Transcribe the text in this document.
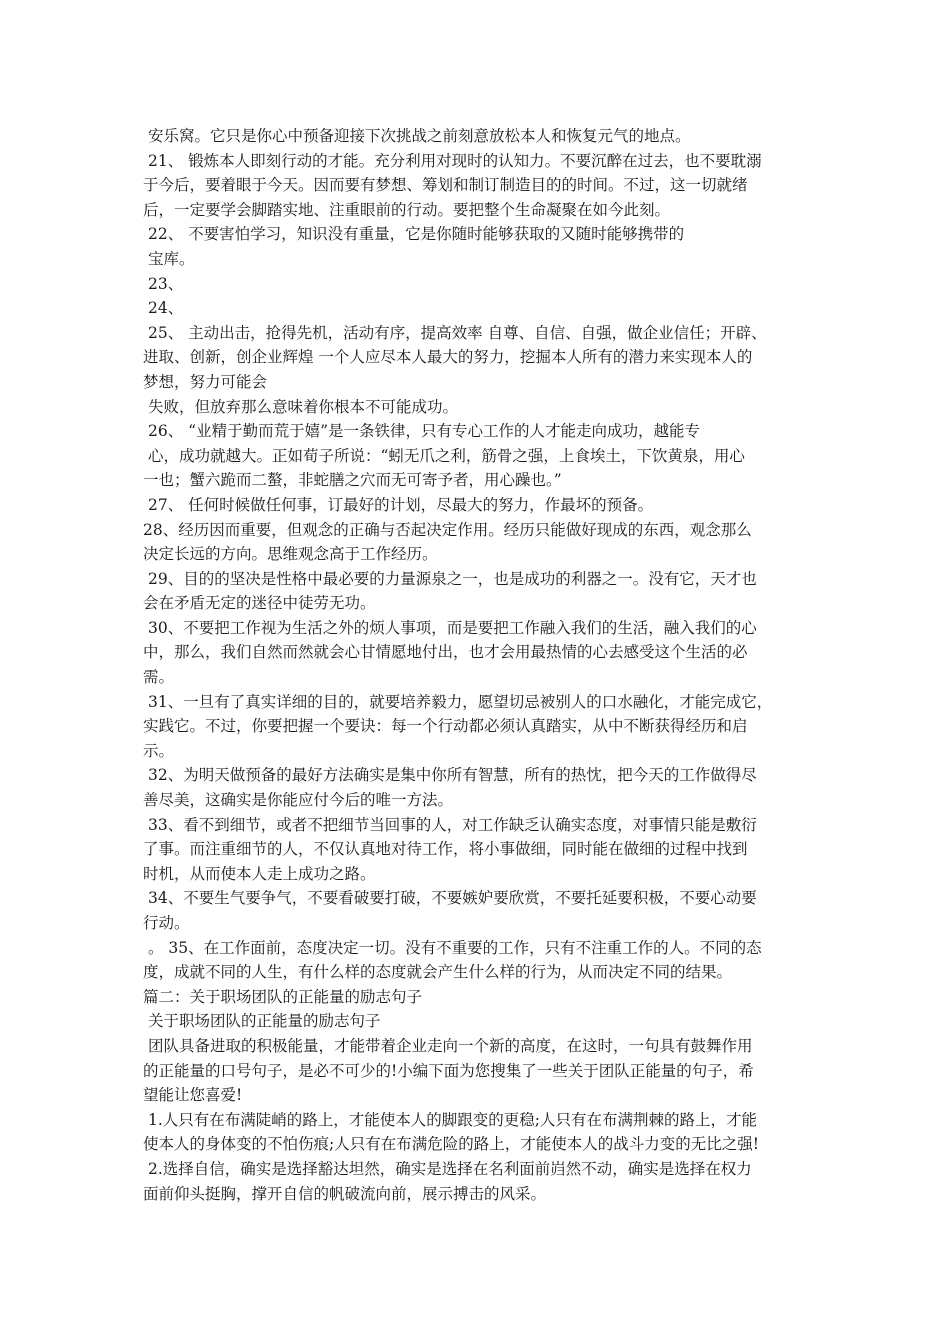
安乐窝。它只是你心中预备迎接下次挑战之前刻意放松本人和恢复元气的地点。
21、 锻炼本人即刻行动的才能。充分利用对现时的认知力。不要沉醉在过去，也不要耽溺
于今后，要着眼于今天。因而要有梦想、筹划和制订制造目的的时间。不过，这一切就绪
后，一定要学会脚踏实地、注重眼前的行动。要把整个生命凝聚在如今此刻。
22、 不要害怕学习，知识没有重量，它是你随时能够获取的又随时能够携带的
宝库。
23、
24、
25、 主动出击，抢得先机，活动有序，提高效率 自尊、自信、自强，做企业信任；开辟、
进取、创新，创企业辉煌 一个人应尽本人最大的努力，挖掘本人所有的潜力来实现本人的
梦想，努力可能会
失败，但放弃那么意味着你根本不可能成功。
26、 “业精于勤而荒于嬉”是一条铁律，只有专心工作的人才能走向成功，越能专
心，成功就越大。正如荀子所说：“蚓无爪之利，筋骨之强，上食埃土，下饮黄泉，用心
一也；蟹六跪而二螯，非蛇膳之穴而无可寄予者，用心躁也。”
27、 任何时候做任何事，订最好的计划，尽最大的努力，作最坏的预备。
28、经历因而重要，但观念的正确与否起决定作用。经历只能做好现成的东西，观念那么
决定长远的方向。思维观念高于工作经历。
29、目的的坚决是性格中最必要的力量源泉之一，也是成功的利器之一。没有它，天才也
会在矛盾无定的迷径中徒劳无功。
30、不要把工作视为生活之外的烦人事项，而是要把工作融入我们的生活，融入我们的心
中，那么，我们自然而然就会心甘情愿地付出，也才会用最热情的心去感受这个生活的必
需。
31、一旦有了真实详细的目的，就要培养毅力，愿望切忌被别人的口水融化，才能完成它，
实践它。不过，你要把握一个要诀：每一个行动都必须认真踏实，从中不断获得经历和启
示。
32、为明天做预备的最好方法确实是集中你所有智慧，所有的热忱，把今天的工作做得尽
善尽美，这确实是你能应付今后的唯一方法。
33、看不到细节，或者不把细节当回事的人，对工作缺乏认确实态度，对事情只能是敷衍
了事。而注重细节的人，不仅认真地对待工作，将小事做细，同时能在做细的过程中找到
时机，从而使本人走上成功之路。
34、不要生气要争气，不要看破要打破，不要嫉妒要欣赏，不要托延要积极，不要心动要
行动。
。 35、在工作面前，态度决定一切。没有不重要的工作，只有不注重工作的人。不同的态
度，成就不同的人生，有什么样的态度就会产生什么样的行为，从而决定不同的结果。
篇二：关于职场团队的正能量的励志句子
关于职场团队的正能量的励志句子
团队具备进取的积极能量，才能带着企业走向一个新的高度，在这时，一句具有鼓舞作用
的正能量的口号句子，是必不可少的!小编下面为您搜集了一些关于团队正能量的句子，希
望能让您喜爱!
1.人只有在布满陡峭的路上，才能使本人的脚跟变的更稳;人只有在布满荆棘的路上，才能
使本人的身体变的不怕伤痕;人只有在布满危险的路上，才能使本人的战斗力变的无比之强!
2.选择自信，确实是选择豁达坦然，确实是选择在名利面前岿然不动，确实是选择在权力
面前仰头挺胸，撑开自信的帆破流向前，展示搏击的风采。
